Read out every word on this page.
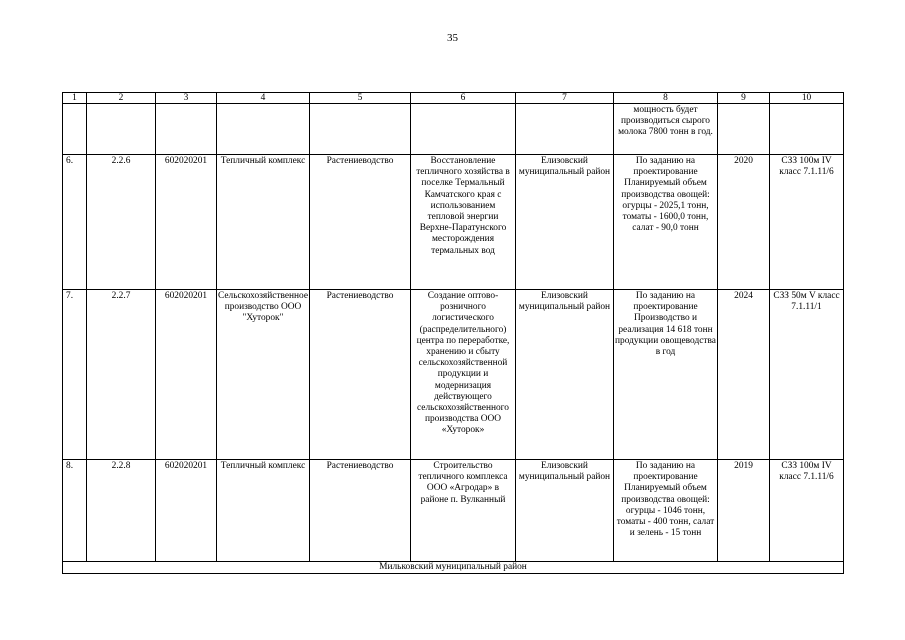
35
1	2	3	4	5	6	7	8	9	10
							мощность будет производиться сырого молока 7800 тонн в год.		
6.	2.2.6	602020201	Тепличный комплекс	Растениеводство	Восстановление тепличного хозяйства в поселке Термальный Камчатского края с использованием тепловой энергии Верхне-Паратунского месторождения термальных вод	Елизовский муниципальный район	По заданию на проектирование Планируемый объем производства овощей: огурцы - 2025,1 тонн, томаты - 1600,0 тонн, салат - 90,0 тонн	2020	СЗЗ 100м IV класс 7.1.11/6
7.	2.2.7	602020201	Сельскохозяйственное производство ООО "Хуторок"	Растениеводство	Создание оптово-розничного логистического (распределительного) центра по переработке, хранению и сбыту сельскохозяйственной продукции и модернизация действующего сельскохозяйственного производства ООО «Хуторок»	Елизовский муниципальный район	По заданию на проектирование Производство и реализация 14 618 тонн продукции овощеводства в год	2024	СЗЗ 50м V класс 7.1.11/1
8.	2.2.8	602020201	Тепличный комплекс	Растениеводство	Строительство тепличного комплекса ООО «Агродар» в районе п. Вулканный	Елизовский муниципальный район	По заданию на проектирование Планируемый объем производства овощей: огурцы - 1046 тонн, томаты - 400 тонн, салат и зелень - 15 тонн	2019	СЗЗ 100м IV класс 7.1.11/6
Мильковский муниципальный район									
